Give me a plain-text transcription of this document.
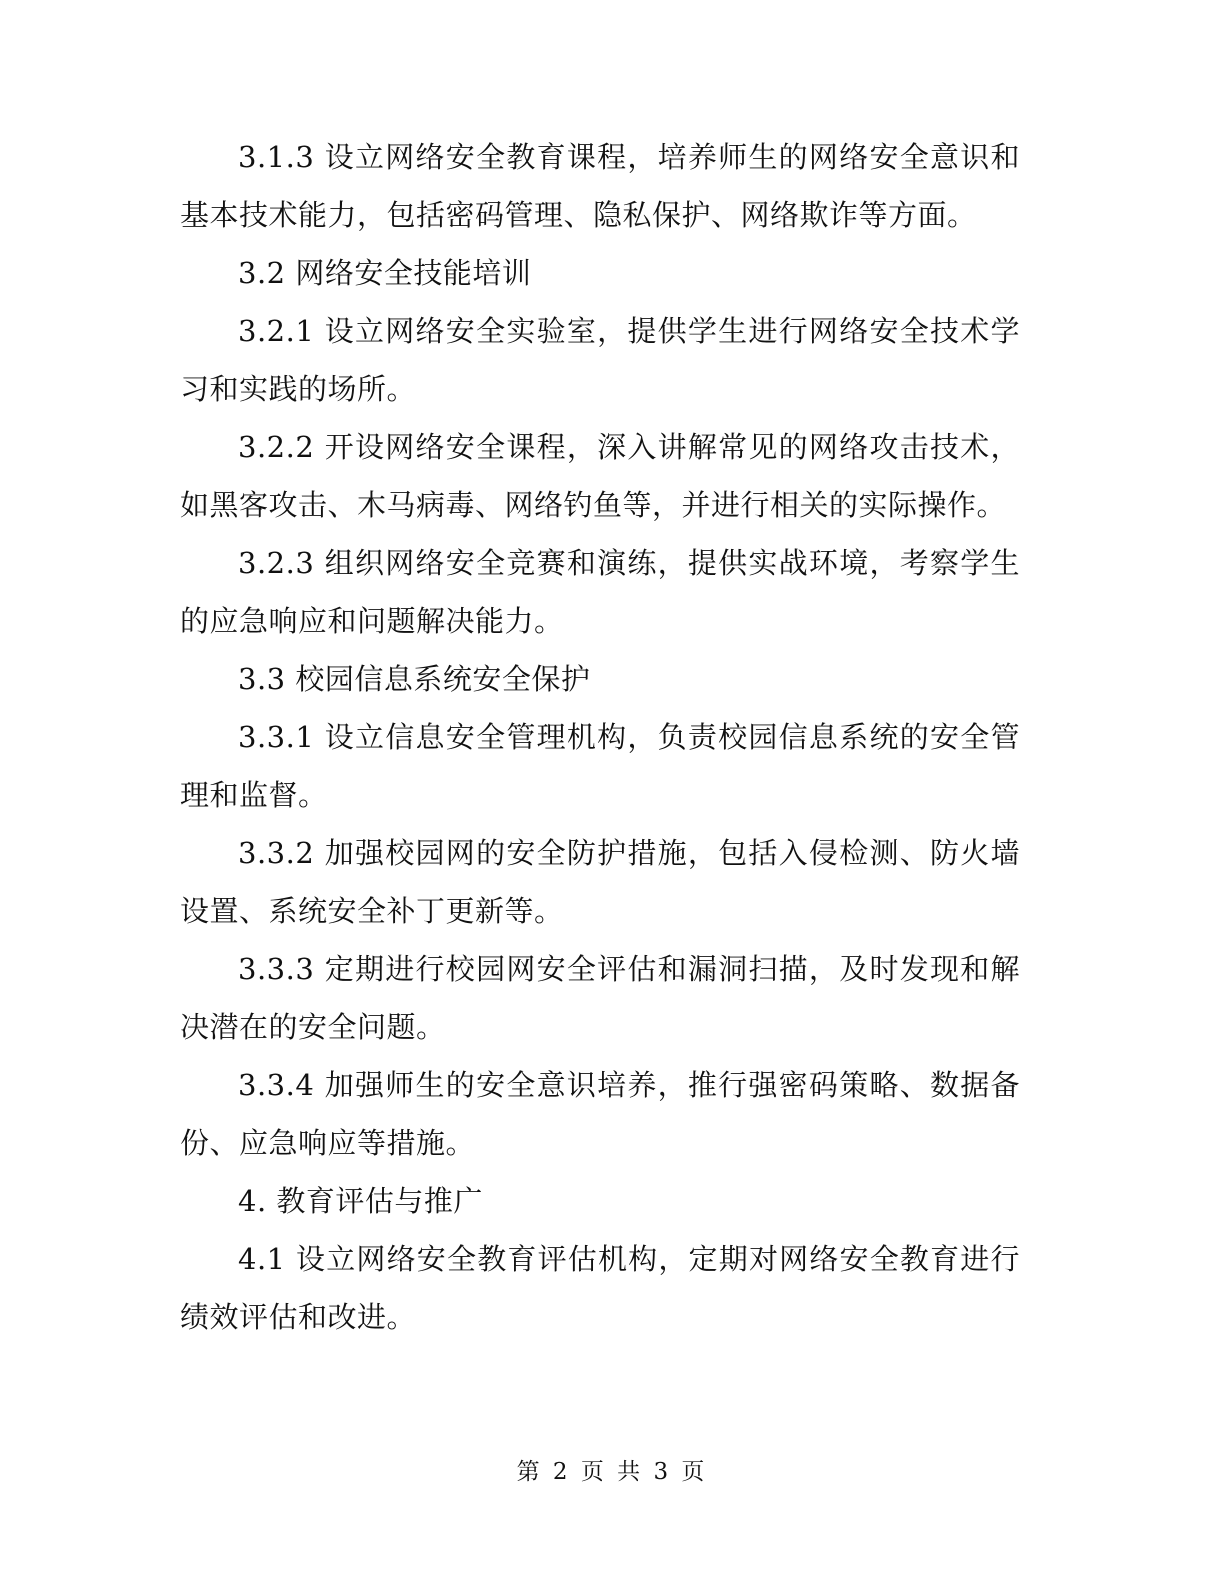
3.1.3 设立网络安全教育课程，培养师生的网络安全意识和基本技术能力，包括密码管理、隐私保护、网络欺诈等方面。

3.2 网络安全技能培训

3.2.1 设立网络安全实验室，提供学生进行网络安全技术学习和实践的场所。

3.2.2 开设网络安全课程，深入讲解常见的网络攻击技术，如黑客攻击、木马病毒、网络钓鱼等，并进行相关的实际操作。

3.2.3 组织网络安全竞赛和演练，提供实战环境，考察学生的应急响应和问题解决能力。

3.3 校园信息系统安全保护

3.3.1 设立信息安全管理机构，负责校园信息系统的安全管理和监督。

3.3.2 加强校园网的安全防护措施，包括入侵检测、防火墙设置、系统安全补丁更新等。

3.3.3 定期进行校园网安全评估和漏洞扫描，及时发现和解决潜在的安全问题。

3.3.4 加强师生的安全意识培养，推行强密码策略、数据备份、应急响应等措施。

4. 教育评估与推广

4.1 设立网络安全教育评估机构，定期对网络安全教育进行绩效评估和改进。

第 2 页 共 3 页
